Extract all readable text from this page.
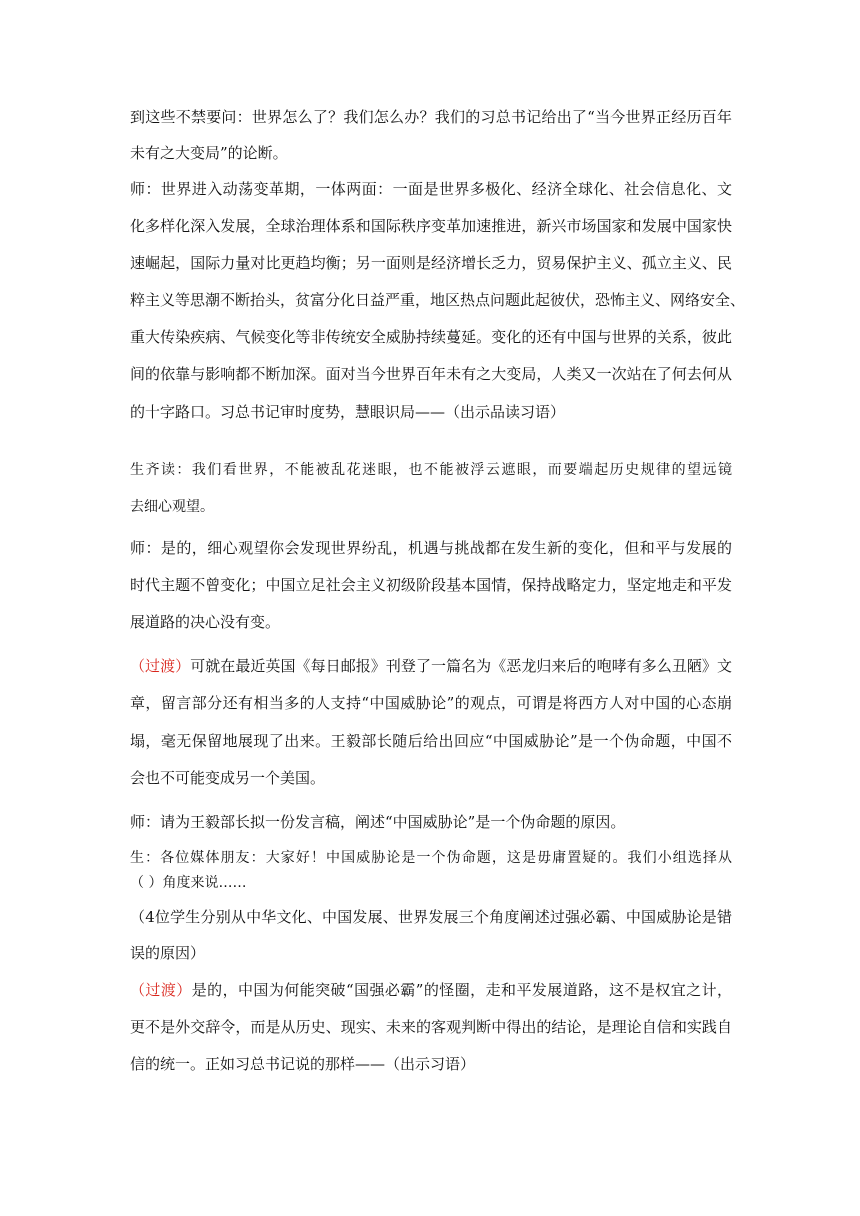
到这些不禁要问：世界怎么了？我们怎么办？我们的习总书记给出了“当今世界正经历百年
未有之大变局”的论断。
师：世界进入动荡变革期，一体两面：一面是世界多极化、经济全球化、社会信息化、文
化多样化深入发展，全球治理体系和国际秩序变革加速推进，新兴市场国家和发展中国家快
速崛起，国际力量对比更趋均衡；另一面则是经济增长乏力，贸易保护主义、孤立主义、民
粹主义等思潮不断抬头，贫富分化日益严重，地区热点问题此起彼伏，恐怖主义、网络安全、
重大传染疾病、气候变化等非传统安全威胁持续蔓延。变化的还有中国与世界的关系，彼此
间的依靠与影响都不断加深。面对当今世界百年未有之大变局，人类又一次站在了何去何从
的十字路口。习总书记审时度势，慧眼识局——（出示品读习语）
生齐读：我们看世界，不能被乱花迷眼，也不能被浮云遮眼，而要端起历史规律的望远镜
去细心观望。
师：是的，细心观望你会发现世界纷乱，机遇与挑战都在发生新的变化，但和平与发展的
时代主题不曾变化；中国立足社会主义初级阶段基本国情，保持战略定力，坚定地走和平发
展道路的决心没有变。
（过渡）可就在最近英国《每日邮报》刊登了一篇名为《恶龙归来后的咆哮有多么丑陋》文
章，留言部分还有相当多的人支持“中国威胁论”的观点，可谓是将西方人对中国的心态崩
塌，毫无保留地展现了出来。王毅部长随后给出回应“中国威胁论”是一个伪命题，中国不
会也不可能变成另一个美国。
师：请为王毅部长拟一份发言稿，阐述“中国威胁论”是一个伪命题的原因。
生：各位媒体朋友：大家好！中国威胁论是一个伪命题，这是毋庸置疑的。我们小组选择从
（ ）角度来说……
（4位学生分别从中华文化、中国发展、世界发展三个角度阐述过强必霸、中国威胁论是错
误的原因）
（过渡）是的，中国为何能突破“国强必霸”的怪圈，走和平发展道路，这不是权宜之计，
更不是外交辞令，而是从历史、现实、未来的客观判断中得出的结论，是理论自信和实践自
信的统一。正如习总书记说的那样——（出示习语）
